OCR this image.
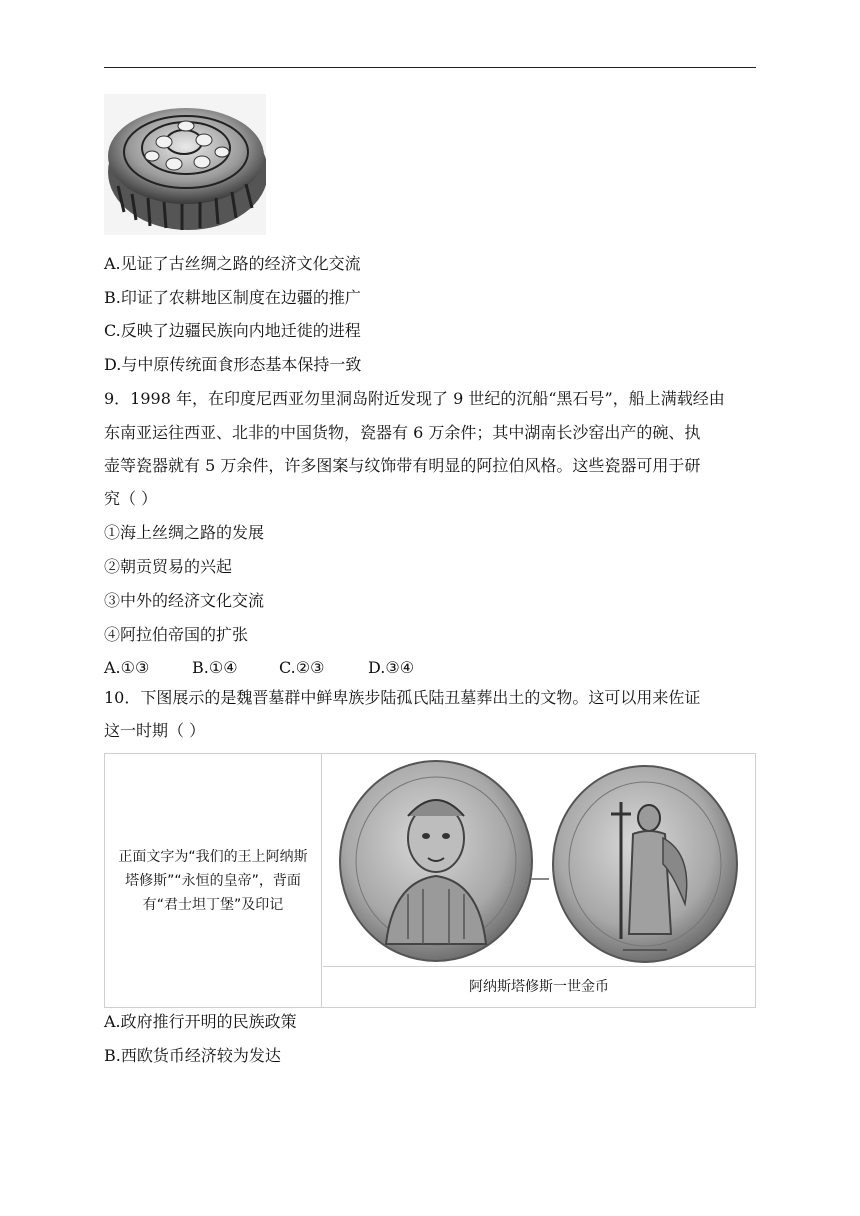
A.见证了古丝绸之路的经济文化交流
B.印证了农耕地区制度在边疆的推广
C.反映了边疆民族向内地迁徙的进程
D.与中原传统面食形态基本保持一致
9．1998 年，在印度尼西亚勿里洞岛附近发现了 9 世纪的沉船“黑石号”，船上满载经由
东南亚运往西亚、北非的中国货物，瓷器有 6 万余件；其中湖南长沙窑出产的碗、执
壶等瓷器就有 5 万余件，许多图案与纹饰带有明显的阿拉伯风格。这些瓷器可用于研
究（ ）
①海上丝绸之路的发展
②朝贡贸易的兴起
③中外的经济文化交流
④阿拉伯帝国的扩张
A.①③	B.①④	C.②③	D.③④
10．下图展示的是魏晋墓群中鲜卑族步陆孤氏陆丑墓葬出土的文物。这可以用来佐证
这一时期（ ）
正面文字为“我们的王上阿纳斯塔修斯”“永恒的皇帝”，背面有“君士坦丁堡”及印记
阿纳斯塔修斯一世金币
A.政府推行开明的民族政策
B.西欧货币经济较为发达
